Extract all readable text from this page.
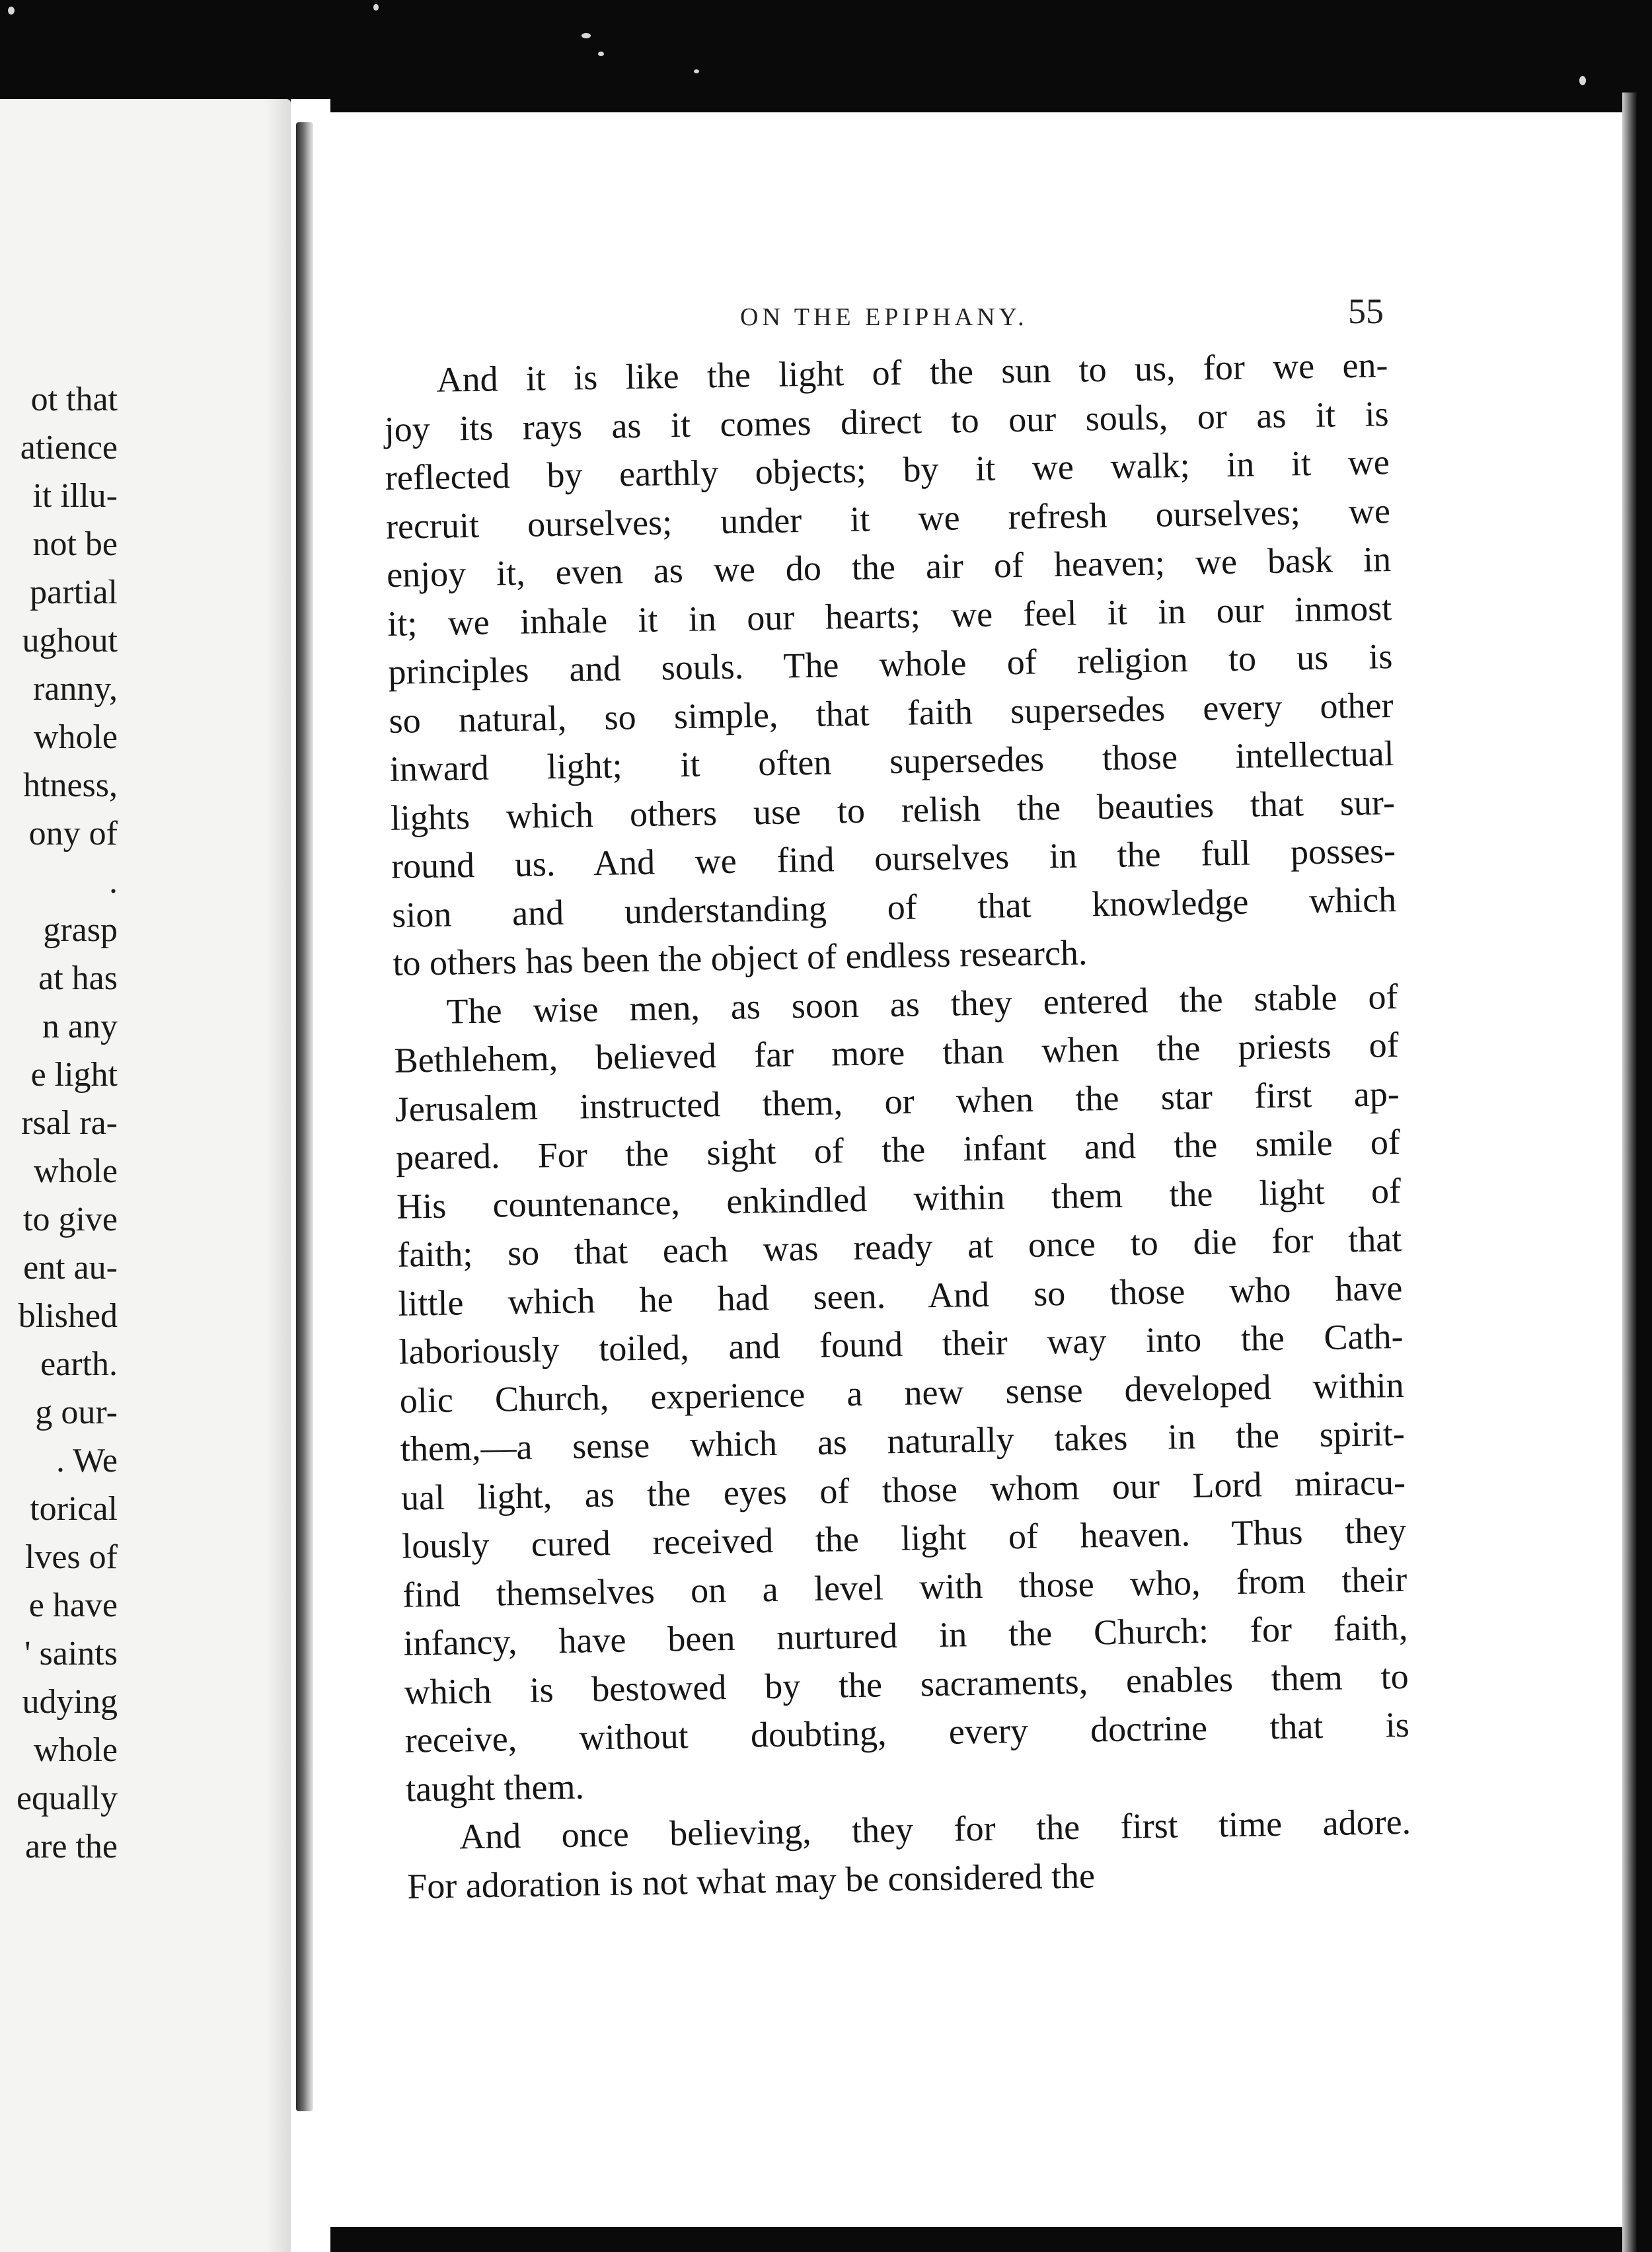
ot that
atience
it illu-
not be
partial
ughout
ranny,
whole
htness,
ony of
.
grasp
at has
n any
e light
rsal ra-
whole
to give
ent au-
blished
earth.
g our-
. We
torical
lves of
e have
' saints
udying
whole
equally
are the
ON THE EPIPHANY.	55
And it is like the light of the sun to us, for we en-
joy its rays as it comes direct to our souls, or as it is
reflected by earthly objects; by it we walk; in it we
recruit ourselves; under it we refresh ourselves; we
enjoy it, even as we do the air of heaven; we bask in
it; we inhale it in our hearts; we feel it in our inmost
principles and souls. The whole of religion to us is
so natural, so simple, that faith supersedes every other
inward light; it often supersedes those intellectual
lights which others use to relish the beauties that sur-
round us. And we find ourselves in the full posses-
sion and understanding of that knowledge which
to others has been the object of endless research.
The wise men, as soon as they entered the stable of
Bethlehem, believed far more than when the priests of
Jerusalem instructed them, or when the star first ap-
peared. For the sight of the infant and the smile of
His countenance, enkindled within them the light of
faith; so that each was ready at once to die for that
little which he had seen. And so those who have
laboriously toiled, and found their way into the Cath-
olic Church, experience a new sense developed within
them,—a sense which as naturally takes in the spirit-
ual light, as the eyes of those whom our Lord miracu-
lously cured received the light of heaven. Thus they
find themselves on a level with those who, from their
infancy, have been nurtured in the Church: for faith,
which is bestowed by the sacraments, enables them to
receive, without doubting, every doctrine that is
taught them.
And once believing, they for the first time adore.
For adoration is not what may be considered the
